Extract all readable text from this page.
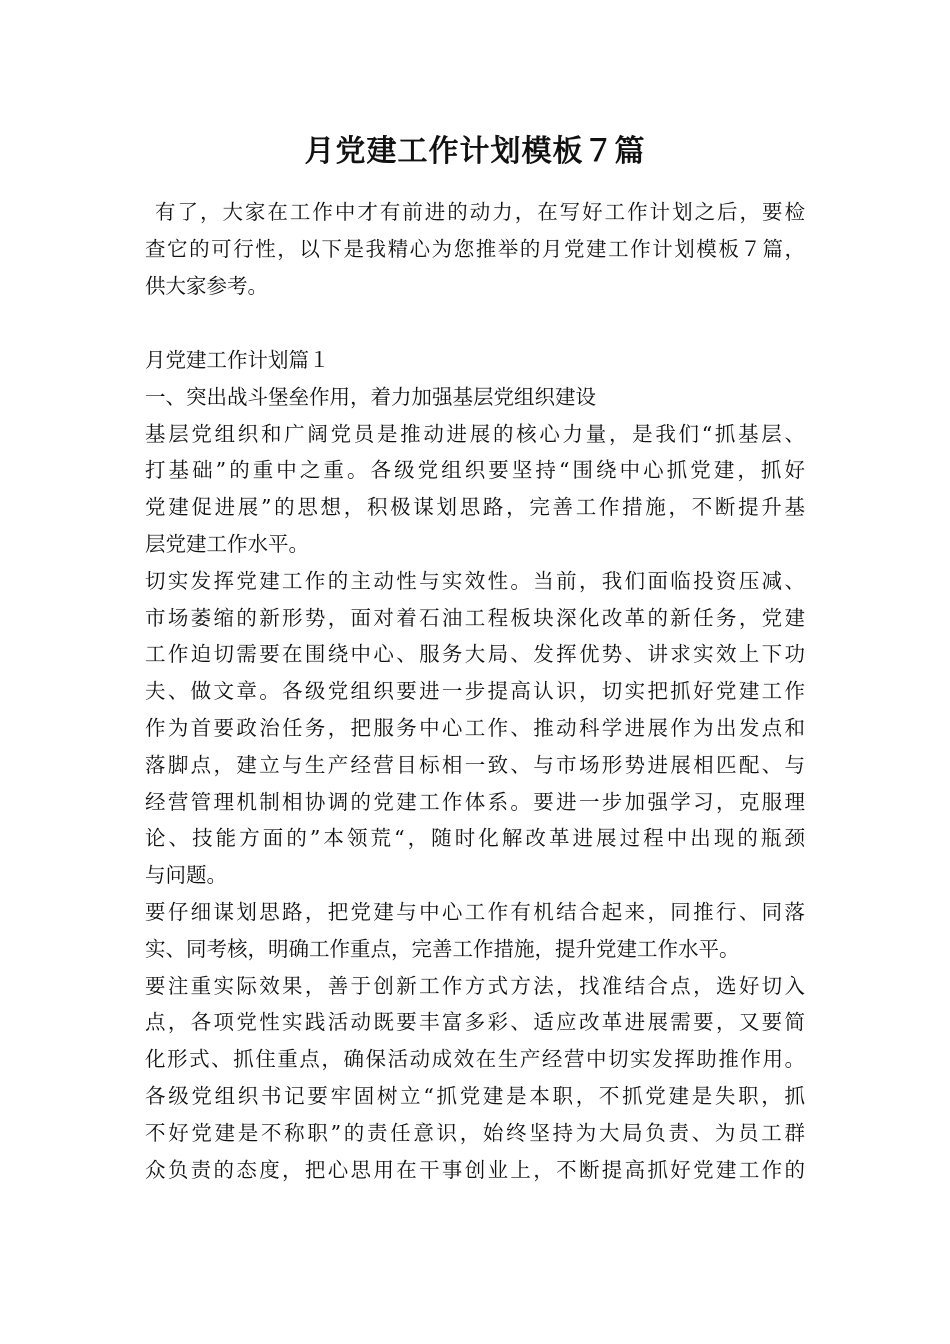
月党建工作计划模板７篇
有了，大家在工作中才有前进的动力，在写好工作计划之后，要检
查它的可行性，以下是我精心为您推举的月党建工作计划模板７篇，
供大家参考。
月党建工作计划篇１
一、突出战斗堡垒作用，着力加强基层党组织建设
基层党组织和广阔党员是推动进展的核心力量，是我们“抓基层、
打基础”的重中之重。各级党组织要坚持“围绕中心抓党建，抓好
党建促进展”的思想，积极谋划思路，完善工作措施，不断提升基
层党建工作水平。
切实发挥党建工作的主动性与实效性。当前，我们面临投资压减、
市场萎缩的新形势，面对着石油工程板块深化改革的新任务，党建
工作迫切需要在围绕中心、服务大局、发挥优势、讲求实效上下功
夫、做文章。各级党组织要进一步提高认识，切实把抓好党建工作
作为首要政治任务，把服务中心工作、推动科学进展作为出发点和
落脚点，建立与生产经营目标相一致、与市场形势进展相匹配、与
经营管理机制相协调的党建工作体系。要进一步加强学习，克服理
论、技能方面的”本领荒“，随时化解改革进展过程中出现的瓶颈
与问题。
要仔细谋划思路，把党建与中心工作有机结合起来，同推行、同落
实、同考核，明确工作重点，完善工作措施，提升党建工作水平。
要注重实际效果，善于创新工作方式方法，找准结合点，选好切入
点，各项党性实践活动既要丰富多彩、适应改革进展需要，又要简
化形式、抓住重点，确保活动成效在生产经营中切实发挥助推作用。
各级党组织书记要牢固树立“抓党建是本职，不抓党建是失职，抓
不好党建是不称职”的责任意识，始终坚持为大局负责、为员工群
众负责的态度，把心思用在干事创业上，不断提高抓好党建工作的
